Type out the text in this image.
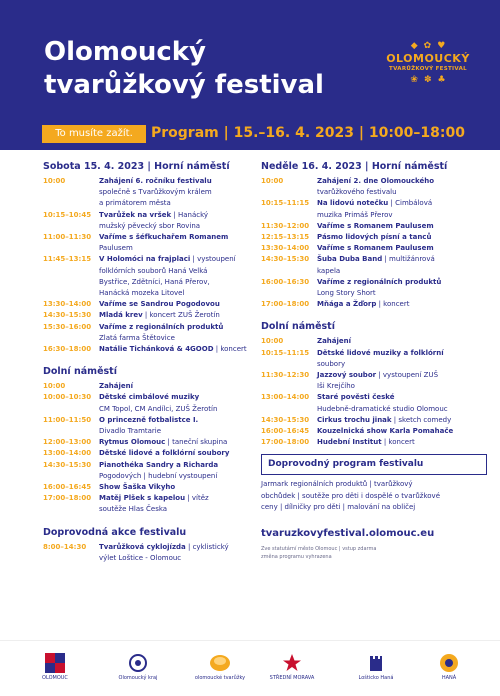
Olomoucký
tvarůžkový festival
◆ ✿ ♥
OLOMOUCKÝ
TVARŮŽKOVÝ FESTIVAL
❀ ✽ ♣
To musíte zažít.	Program | 15.–16. 4. 2023 | 10:00–18:00
Sobota 15. 4. 2023 | Horní náměstí
10:00	Zahájení 6. ročníku festivalu
společně s Tvarůžkovým králem
a primátorem města
10:15–10:45	Tvarůžek na vršek | Hanácký
mužský pěvecký sbor Rovina
11:00–11:30	Vaříme s šéfkuchařem Romanem
Paulusem
11:45–13:15	V Holomóci na frajplaci | vystoupení
folklórních souborů Haná Velká
Bystřice, Zdětníci, Haná Přerov,
Hanácká mozeka Litovel
13:30–14:00	Vaříme se Sandrou Pogodovou
14:30–15:30	Mladá krev | koncert ZUŠ Žerotín
15:30–16:00	Vaříme z regionálních produktů
Zlatá farma Štětovice
16:30–18:00	Natálie Tichánková & 4GOOD | koncert
Dolní náměstí
10:00	Zahájení
10:00–10:30	Dětské cimbálové muziky
CM Topol, CM Andílci, ZUŠ Žerotín
11:00–11:50	O princezně fotbalistce I.
Divadlo Tramtarie
12:00–13:00	Rytmus Olomouc | taneční skupina
13:00–14:00	Dětské lidové a folklórní soubory
14:30–15:30	Pianothéka Sandry a Richarda
Pogodových | hudební vystoupení
16:00–16:45	Show Šaška Vikyho
17:00–18:00	Matěj Plšek s kapelou | vítěz
soutěže Hlas Česka
Doprovodná akce festivalu
8:00–14:30	Tvarůžková cyklojízda | cyklistický
výlet Loštice - Olomouc
Neděle 16. 4. 2023 | Horní náměstí
10:00	Zahájení 2. dne Olomouckého
tvarůžkového festivalu
10:15–11:15	Na lidovú notečku | Cimbálová
muzika Primáš Přerov
11:30–12:00	Vaříme s Romanem Paulusem
12:15–13:15	Pásmo lidových písní a tanců
13:30–14:00	Vaříme s Romanem Paulusem
14:30–15:30	Šuba Duba Band | multižánrová
kapela
16:00–16:30	Vaříme z regionálních produktů
Long Story Short
17:00–18:00	Mňága a Žďorp | koncert
Dolní náměstí
10:00	Zahájení
10:15–11:15	Dětské lidové muziky a folklórní
soubory
11:30–12:30	Jazzový soubor | vystoupení ZUŠ
Iši Krejčího
13:00–14:00	Staré pověsti české
Hudebně-dramatické studio Olomouc
14:30–15:30	Cirkus trochu jinak | sketch comedy
16:00–16:45	Kouzelnická show Karla Pomahače
17:00–18:00	Hudební Institut | koncert
Doprovodný program festivalu
Jarmark regionálních produktů | tvarůžkový
obchůdek | soutěže pro děti i dospělé o tvarůžkové
ceny | dílničky pro děti | malování na obličej
tvaruzkovyfestival.olomouc.eu
Zve statutární město Olomouc | vstup zdarma
změna programu vyhrazena
OLOMOUC	Olomoucký kraj	olomoucké tvarůžky	STŘEDNÍ MORAVA	Lošticko Haná	HANÁ
